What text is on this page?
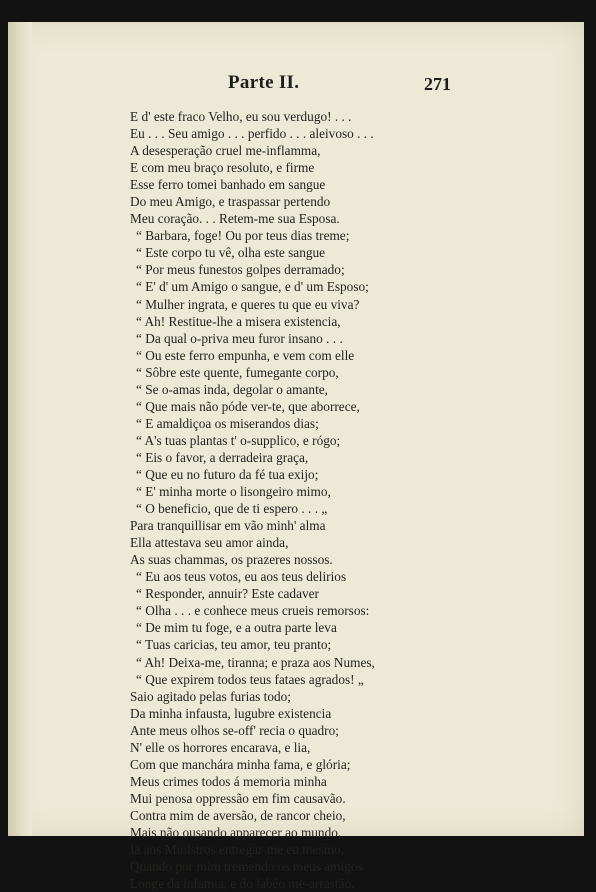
Parte II.	271
E d' este fraco Velho, eu sou verdugo! . . .
Eu . . . Seu amigo . . . perfido . . . aleivoso . . .
A desesperação cruel me-inflamma,
E com meu braço resoluto, e firme
Esse ferro tomei banhado em sangue
Do meu Amigo, e traspassar pertendo
Meu coração. . . Retem-me sua Esposa.
“ Barbara, foge! Ou por teus dias treme;
“ Este corpo tu vê, olha este sangue
“ Por meus funestos golpes derramado;
“ E' d' um Amigo o sangue, e d' um Esposo;
“ Mulher ingrata, e queres tu que eu viva?
“ Ah! Restitue-lhe a misera existencia,
“ Da qual o-priva meu furor insano . . .
“ Ou este ferro empunha, e vem com elle
“ Sôbre este quente, fumegante corpo,
“ Se o-amas inda, degolar o amante,
“ Que mais não póde ver-te, que aborrece,
“ E amaldiçoa os miserandos dias;
“ A's tuas plantas t' o-supplico, e rógo;
“ Eis o favor, a derradeira graça,
“ Que eu no futuro da fé tua exijo;
“ E' minha morte o lisongeiro mimo,
“ O beneficio, que de ti espero . . . „
Para tranquillisar em vão minh' alma
Ella attestava seu amor ainda,
As suas chammas, os prazeres nossos.
“ Eu aos teus votos, eu aos teus delirios
“ Responder, annuir? Este cadaver
“ Olha . . . e conhece meus crueis remorsos:
“ De mim tu foge, e a outra parte leva
“ Tuas caricias, teu amor, teu pranto;
“ Ah! Deixa-me, tiranna; e praza aos Numes,
“ Que expirem todos teus fataes agrados! „
Saio agitado pelas furias todo;
Da minha infausta, lugubre existencia
Ante meus olhos se-off' recia o quadro;
N' elle os horrores encarava, e lia,
Com que manchára minha fama, e glória;
Meus crimes todos á memoria minha
Mui penosa oppressão em fim causavão.
Contra mim de aversão, de rancor cheio,
Mais não ousando apparecer ao mundo,
Ia aos Ministros entregar-me eu mesmo,
Quando por mim tremendo os meus amigos
Longe da infamia, e do labéo me-arrastão.
